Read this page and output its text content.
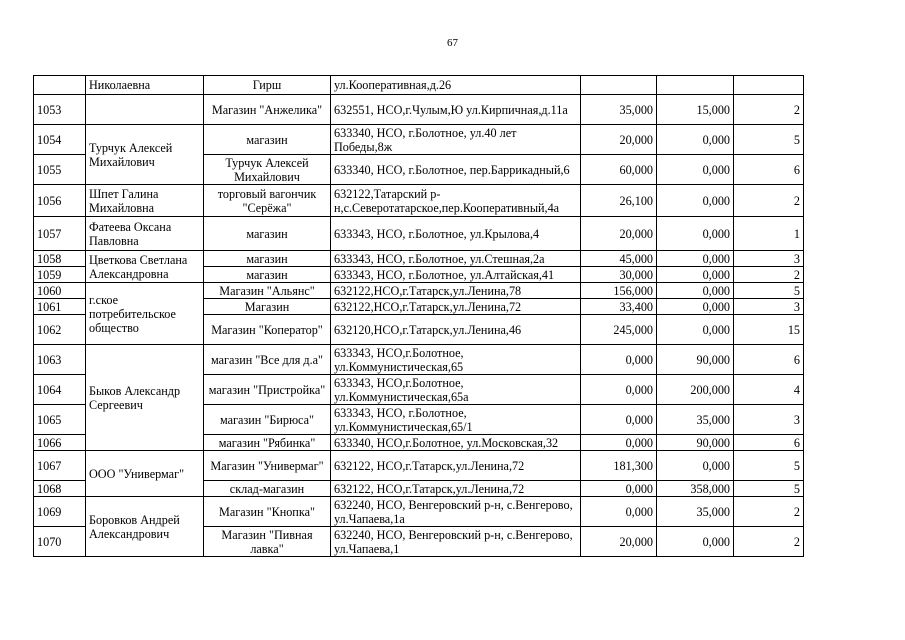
67
	Николаевна	Гирш	ул.Кооперативная,д.26			
1053		Магазин "Анжелика"	632551, НСО,г.Чулым,Ю ул.Кирпичная,д.11а	35,000	15,000	2
1054	Турчук Алексей Михайлович	магазин	633340, НСО, г.Болотное, ул.40 лет Победы,8ж	20,000	0,000	5
1055		Турчук Алексей Михайлович	633340, НСО, г.Болотное, пер.Баррикадный,6	60,000	0,000	6
1056	Шпет Галина Михайловна	торговый вагончик "Серёжа"	632122,Татарский р-н,с.Северотатарское,пер.Кооперативный,4а	26,100	0,000	2
1057	Фатеева Оксана Павловна	магазин	633343, НСО, г.Болотное, ул.Крылова,4	20,000	0,000	1
1058	Цветкова Светлана Александровна	магазин	633343, НСО, г.Болотное, ул.Стешная,2а	45,000	0,000	3
1059		магазин	633343, НСО, г.Болотное, ул.Алтайская,41	30,000	0,000	2
1060	г.ское потребительское общество	Магазин "Альянс"	632122,НСО,г.Татарск,ул.Ленина,78	156,000	0,000	5
1061		Магазин	632122,НСО,г.Татарск,ул.Ленина,72	33,400	0,000	3
1062		Магазин "Коператор"	632120,НСО,г.Татарск,ул.Ленина,46	245,000	0,000	15
1063	Быков Александр Сергеевич	магазин "Все для д.а"	633343, НСО,г.Болотное, ул.Коммунистическая,65	0,000	90,000	6
1064		магазин "Пристройка"	633343, НСО,г.Болотное, ул.Коммунистическая,65а	0,000	200,000	4
1065		магазин "Бирюса"	633343, НСО, г.Болотное, ул.Коммунистическая,65/1	0,000	35,000	3
1066		магазин "Рябинка"	633340, НСО,г.Болотное, ул.Московская,32	0,000	90,000	6
1067	ООО "Универмаг"	Магазин "Универмаг"	632122, НСО,г.Татарск,ул.Ленина,72	181,300	0,000	5
1068		склад-магазин	632122, НСО,г.Татарск,ул.Ленина,72	0,000	358,000	5
1069	Боровков Андрей Александрович	Магазин "Кнопка"	632240, НСО, Венгеровский р-н, с.Венгерово, ул.Чапаева,1а	0,000	35,000	2
1070		Магазин "Пивная лавка"	632240, НСО, Венгеровский р-н, с.Венгерово, ул.Чапаева,1	20,000	0,000	2
